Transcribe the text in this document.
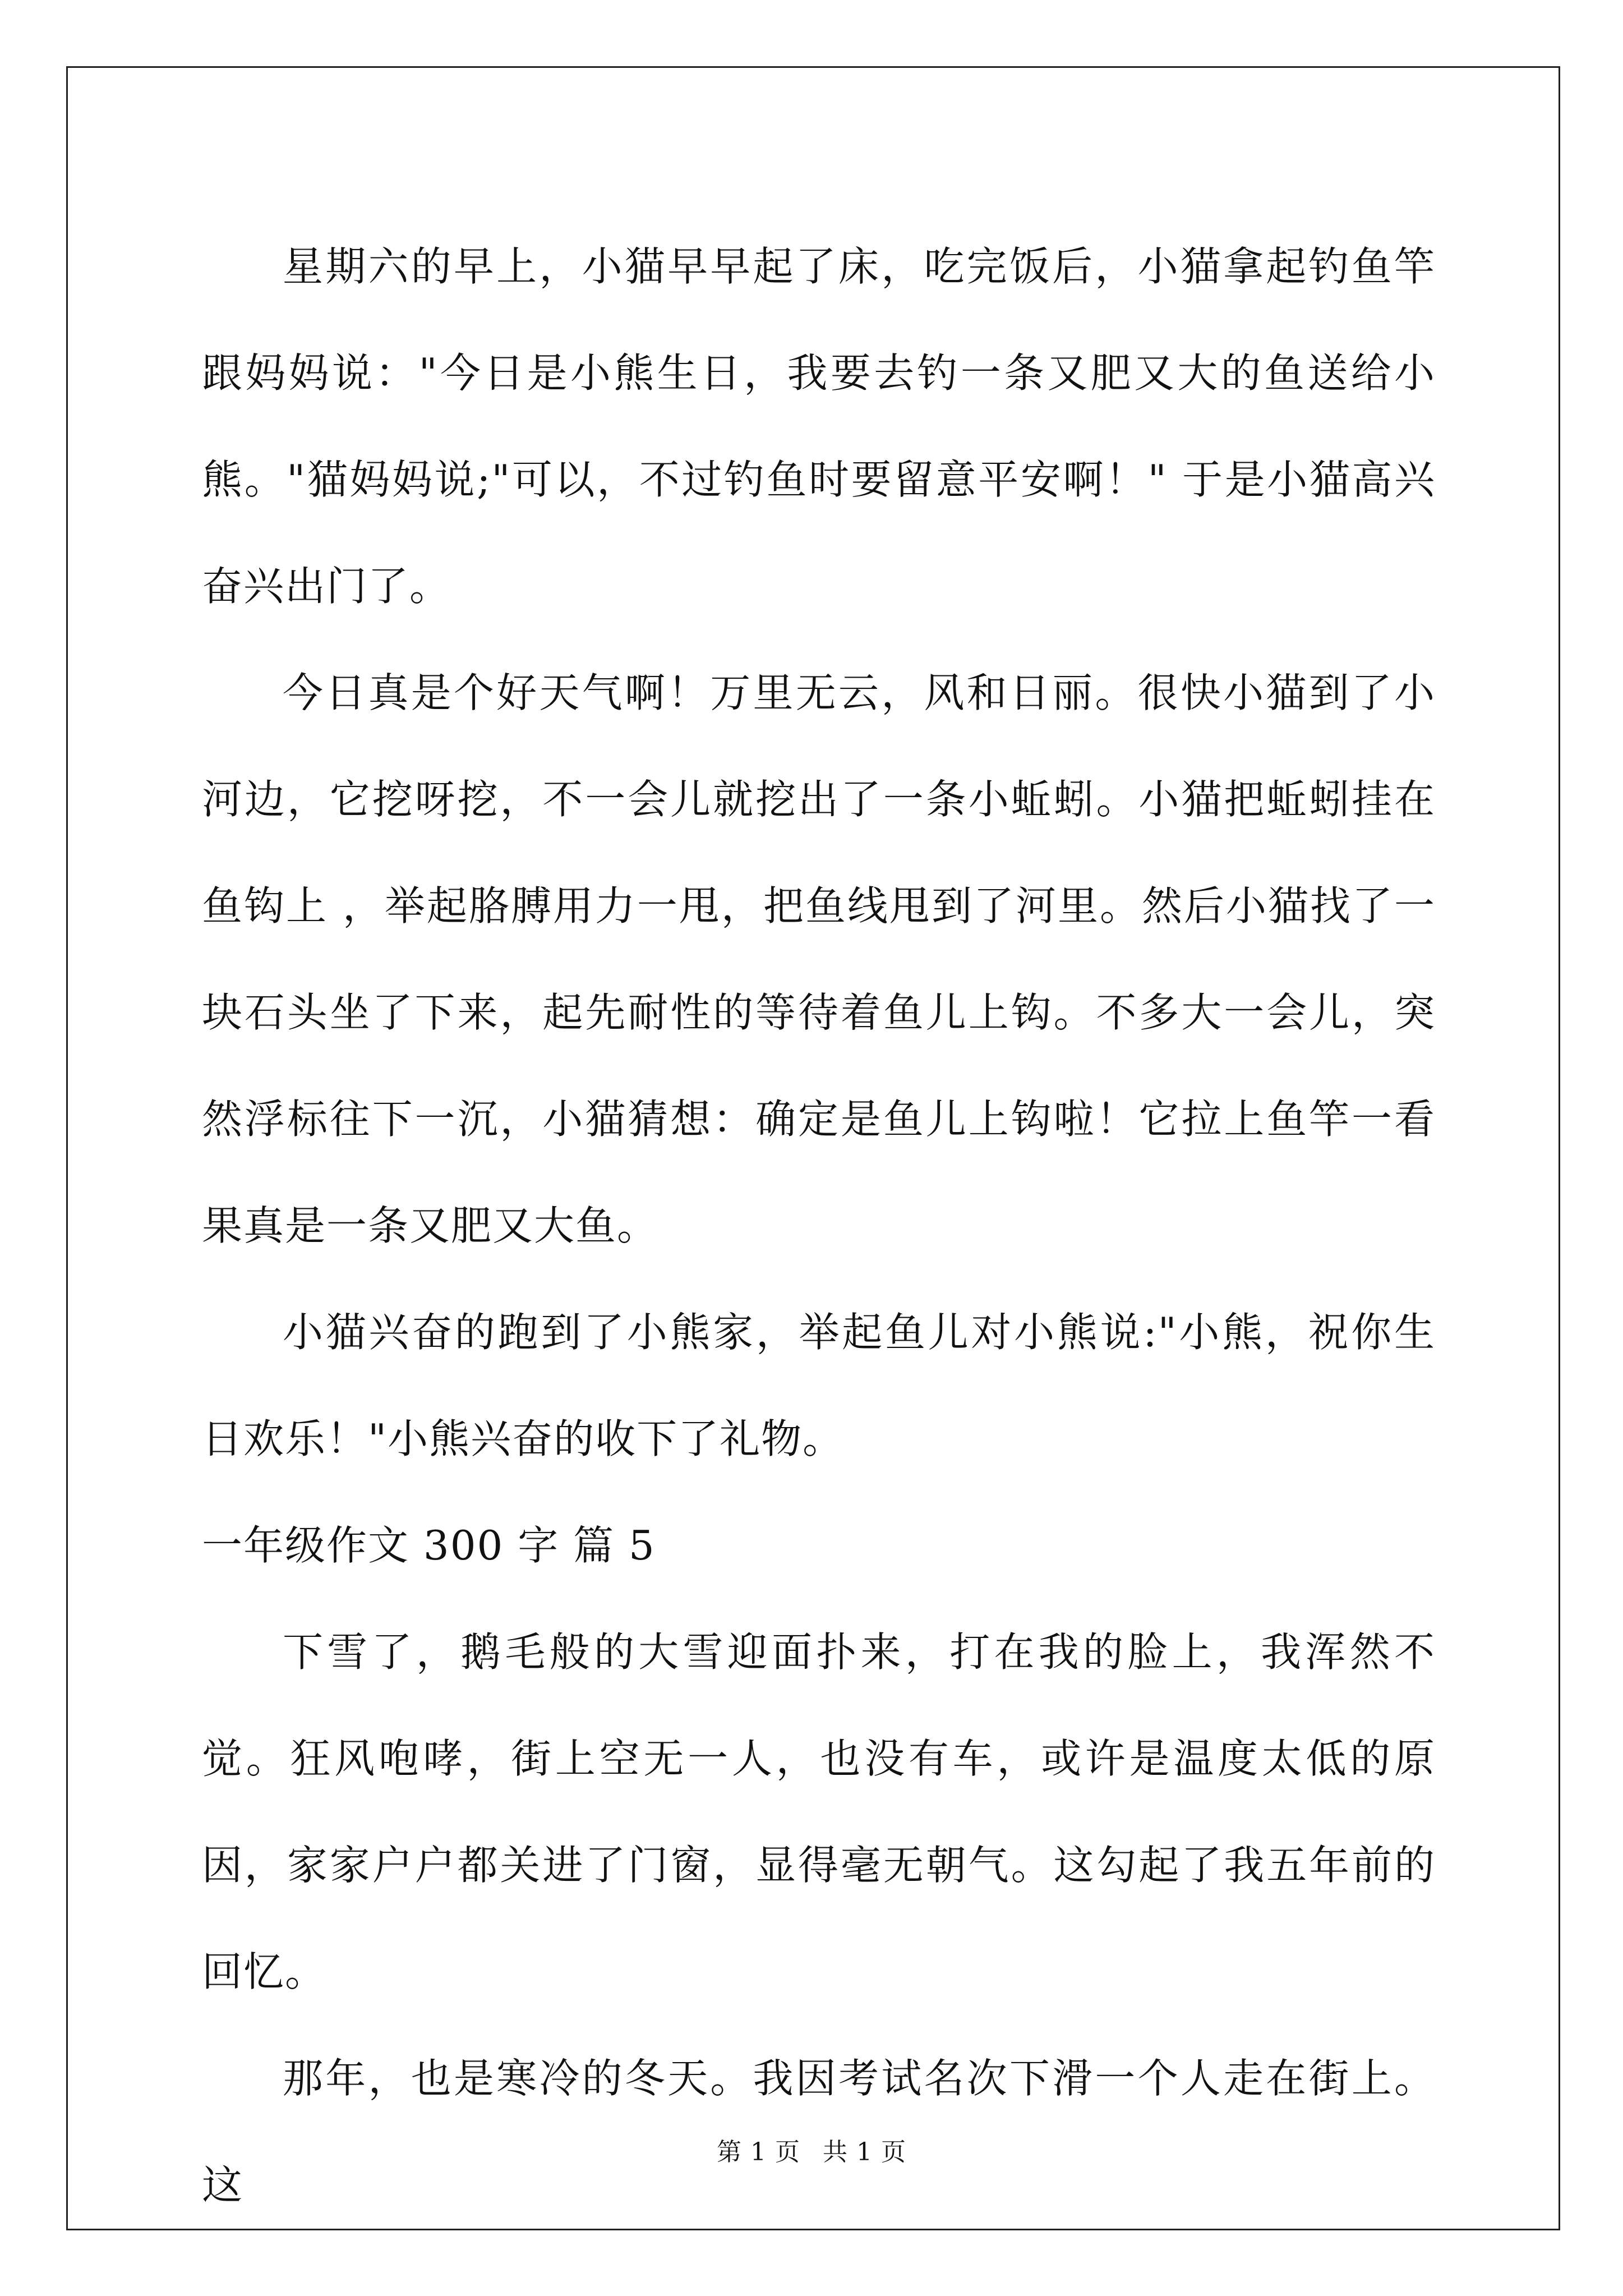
星期六的早上，小猫早早起了床，吃完饭后，小猫拿起钓鱼竿跟妈妈说："今日是小熊生日，我要去钓一条又肥又大的鱼送给小熊。"猫妈妈说;"可以，不过钓鱼时要留意平安啊！" 于是小猫高兴奋兴出门了。

今日真是个好天气啊！万里无云，风和日丽。很快小猫到了小河边，它挖呀挖，不一会儿就挖出了一条小蚯蚓。小猫把蚯蚓挂在鱼钩上 ，举起胳膊用力一甩，把鱼线甩到了河里。然后小猫找了一块石头坐了下来，起先耐性的等待着鱼儿上钩。不多大一会儿，突然浮标往下一沉，小猫猜想：确定是鱼儿上钩啦！它拉上鱼竿一看果真是一条又肥又大鱼。

小猫兴奋的跑到了小熊家，举起鱼儿对小熊说:"小熊，祝你生日欢乐！"小熊兴奋的收下了礼物。

一年级作文 300 字 篇 5

下雪了，鹅毛般的大雪迎面扑来，打在我的脸上，我浑然不觉。狂风咆哮，街上空无一人，也没有车，或许是温度太低的原因，家家户户都关进了门窗，显得毫无朝气。这勾起了我五年前的回忆。

那年，也是寒冷的冬天。我因考试名次下滑一个人走在街上。这

第 1 页 共 1 页
